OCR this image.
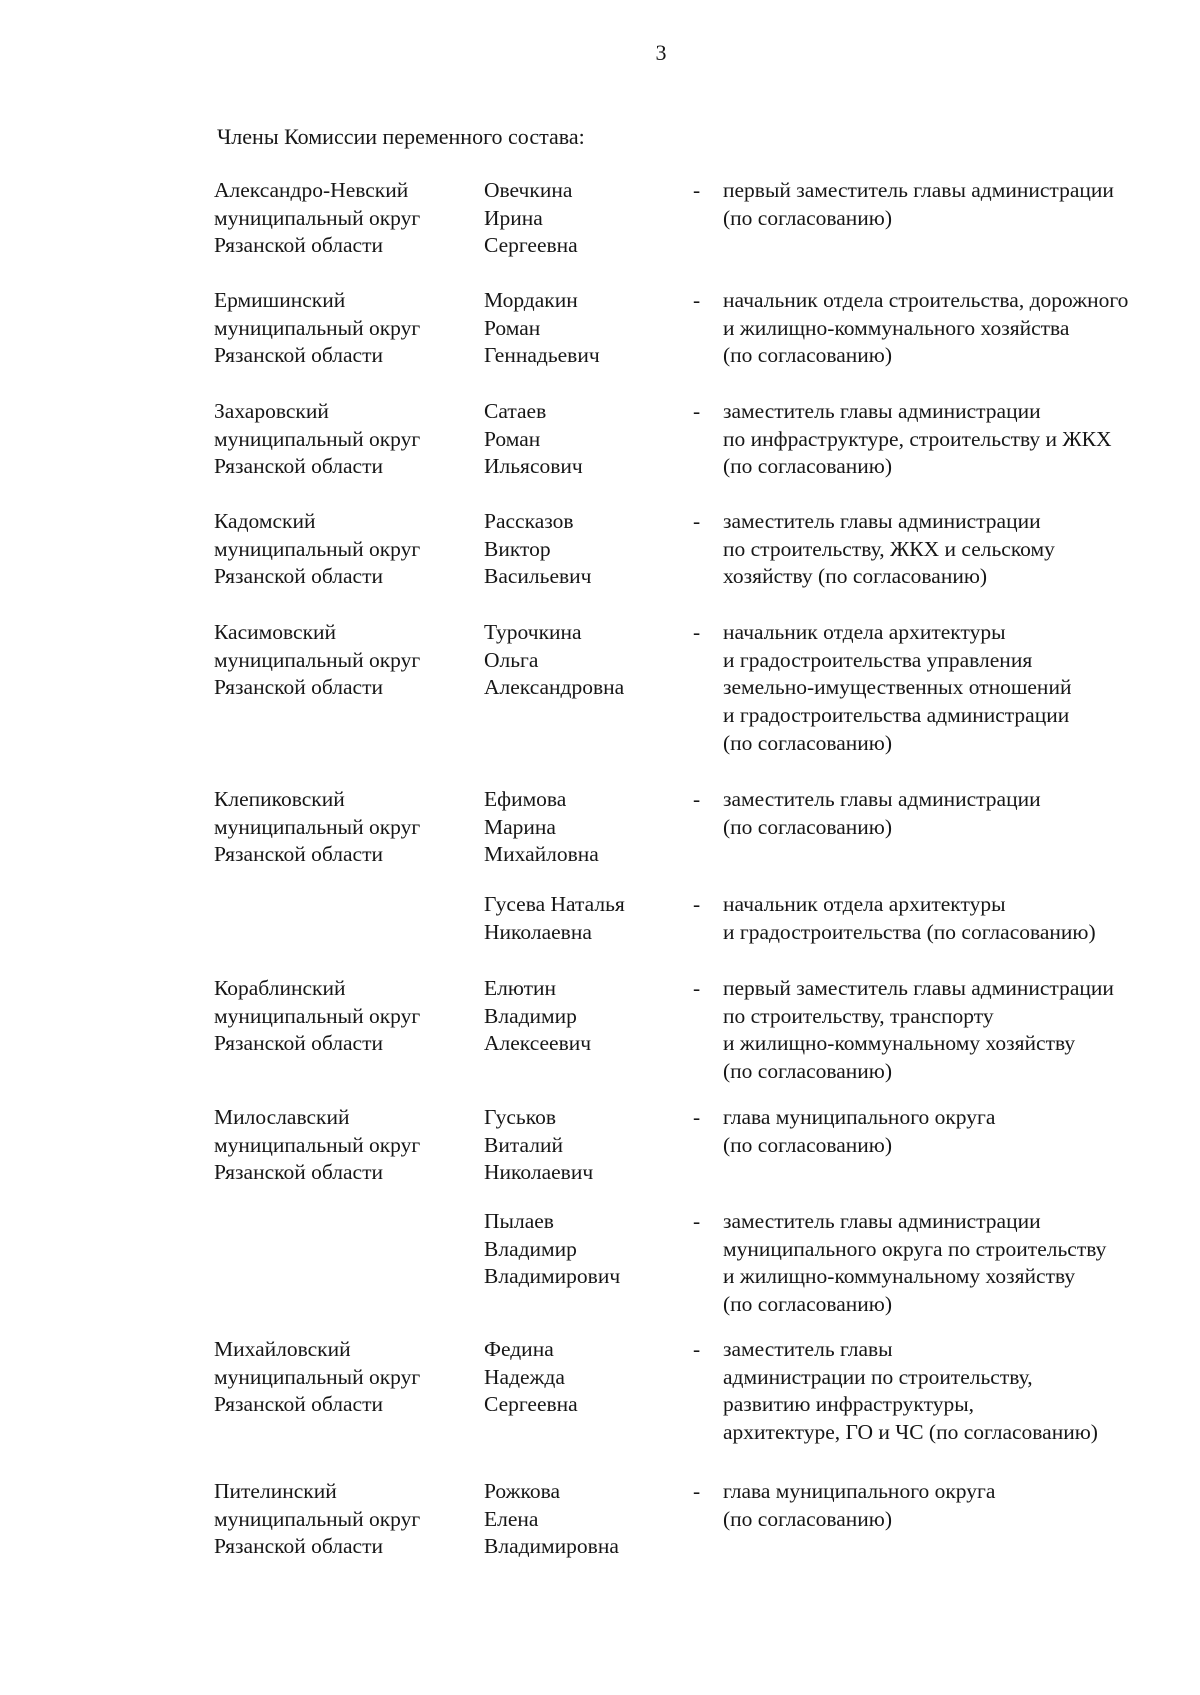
3
Члены Комиссии переменного состава:
Александро-Невский
муниципальный округ
Рязанской области
Овечкина
Ирина
Сергеевна
первый заместитель главы администрации
(по согласованию)
-
Ермишинский
муниципальный округ
Рязанской области
Мордакин
Роман
Геннадьевич
начальник отдела строительства, дорожного
и жилищно-коммунального хозяйства
(по согласованию)
-
Захаровский
муниципальный округ
Рязанской области
Сатаев
Роман
Ильясович
заместитель главы администрации
по инфраструктуре, строительству и ЖКХ
(по согласованию)
-
Кадомский
муниципальный округ
Рязанской области
Рассказов
Виктор
Васильевич
заместитель главы администрации
по строительству, ЖКХ и сельскому
хозяйству (по согласованию)
-
Касимовский
муниципальный округ
Рязанской области
Турочкина
Ольга
Александровна
начальник отдела архитектуры
и градостроительства управления
земельно-имущественных отношений
и градостроительства администрации
(по согласованию)
-
Клепиковский
муниципальный округ
Рязанской области
Ефимова
Марина
Михайловна
заместитель главы администрации
(по согласованию)
-
Гусева Наталья
Николаевна
начальник отдела архитектуры
и градостроительства (по согласованию)
-
Кораблинский
муниципальный округ
Рязанской области
Елютин
Владимир
Алексеевич
первый заместитель главы администрации
по строительству, транспорту
и жилищно-коммунальному хозяйству
(по согласованию)
-
Милославский
муниципальный округ
Рязанской области
Гуськов
Виталий
Николаевич
глава муниципального округа
(по согласованию)
-
Пылаев
Владимир
Владимирович
заместитель главы администрации
муниципального округа по строительству
и жилищно-коммунальному хозяйству
(по согласованию)
-
Михайловский
муниципальный округ
Рязанской области
Федина
Надежда
Сергеевна
заместитель главы
администрации по строительству,
развитию инфраструктуры,
архитектуре, ГО и ЧС (по согласованию)
-
Пителинский
муниципальный округ
Рязанской области
Рожкова
Елена
Владимировна
глава муниципального округа
(по согласованию)
-
